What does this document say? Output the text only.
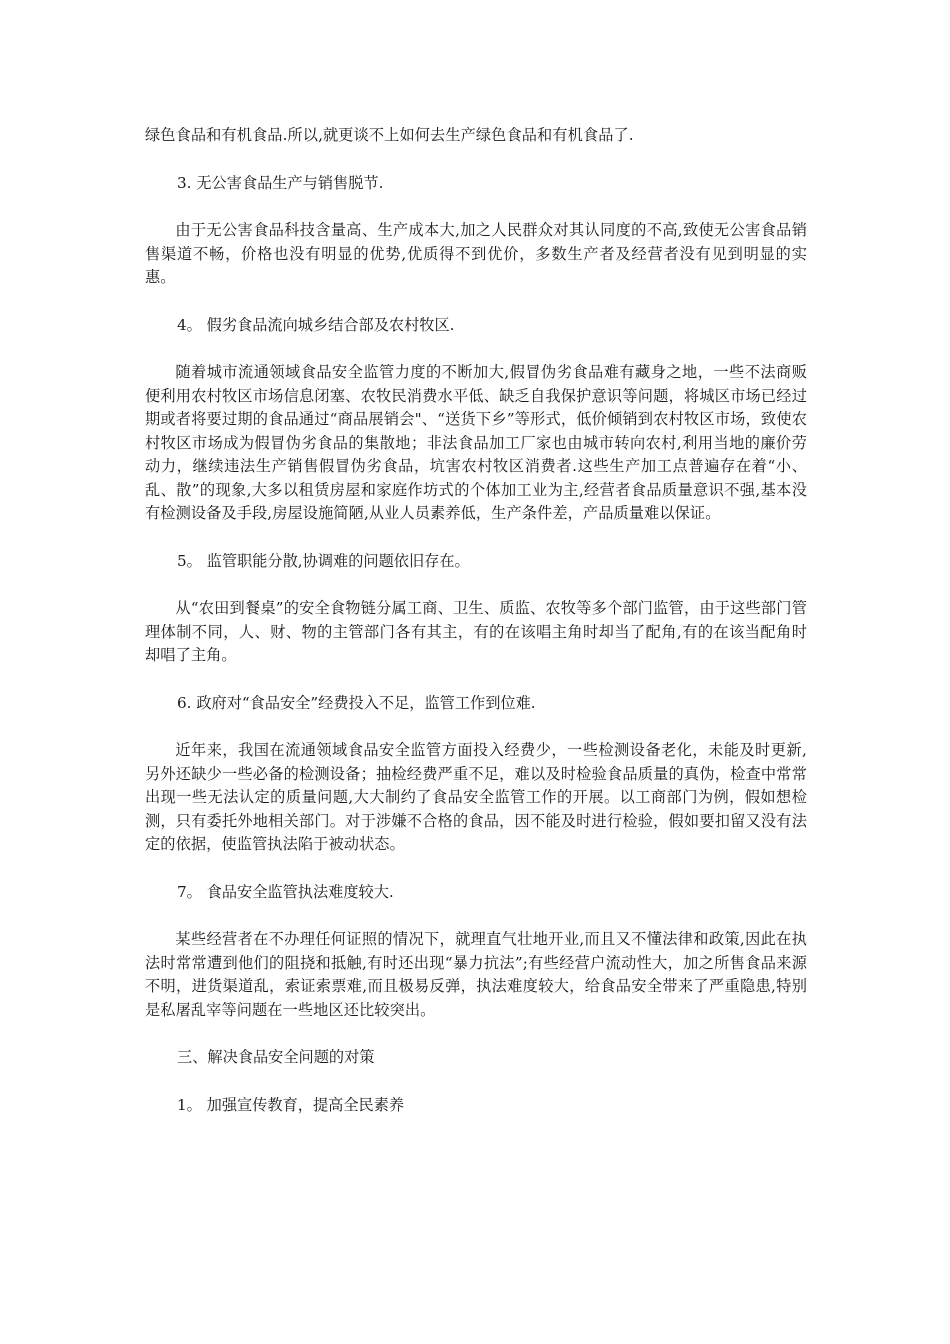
绿色食品和有机食品.所以,就更谈不上如何去生产绿色食品和有机食品了.

3. 无公害食品生产与销售脱节.

由于无公害食品科技含量高、生产成本大,加之人民群众对其认同度的不高,致使无公害食品销售渠道不畅，价格也没有明显的优势,优质得不到优价，多数生产者及经营者没有见到明显的实惠。

4。 假劣食品流向城乡结合部及农村牧区.

随着城市流通领域食品安全监管力度的不断加大,假冒伪劣食品难有藏身之地，一些不法商贩便利用农村牧区市场信息闭塞、农牧民消费水平低、缺乏自我保护意识等问题，将城区市场已经过期或者将要过期的食品通过“商品展销会"、“送货下乡”等形式，低价倾销到农村牧区市场，致使农村牧区市场成为假冒伪劣食品的集散地；非法食品加工厂家也由城市转向农村,利用当地的廉价劳动力，继续违法生产销售假冒伪劣食品，坑害农村牧区消费者.这些生产加工点普遍存在着“小、乱、散”的现象,大多以租赁房屋和家庭作坊式的个体加工业为主,经营者食品质量意识不强,基本没有检测设备及手段,房屋设施简陋,从业人员素养低，生产条件差，产品质量难以保证。

5。 监管职能分散,协调难的问题依旧存在。

从“农田到餐桌”的安全食物链分属工商、卫生、质监、农牧等多个部门监管，由于这些部门管理体制不同，人、财、物的主管部门各有其主，有的在该唱主角时却当了配角,有的在该当配角时却唱了主角。

6. 政府对“食品安全”经费投入不足，监管工作到位难.

近年来，我国在流通领域食品安全监管方面投入经费少，一些检测设备老化，未能及时更新,另外还缺少一些必备的检测设备；抽检经费严重不足，难以及时检验食品质量的真伪，检查中常常出现一些无法认定的质量问题,大大制约了食品安全监管工作的开展。以工商部门为例，假如想检测，只有委托外地相关部门。对于涉嫌不合格的食品，因不能及时进行检验，假如要扣留又没有法定的依据，使监管执法陷于被动状态。

7。 食品安全监管执法难度较大.

某些经营者在不办理任何证照的情况下，就理直气壮地开业,而且又不懂法律和政策,因此在执法时常常遭到他们的阻挠和抵触,有时还出现“暴力抗法”;有些经营户流动性大，加之所售食品来源不明，进货渠道乱，索证索票难,而且极易反弹，执法难度较大，给食品安全带来了严重隐患,特别是私屠乱宰等问题在一些地区还比较突出。

三、解决食品安全问题的对策

1。 加强宣传教育，提高全民素养
